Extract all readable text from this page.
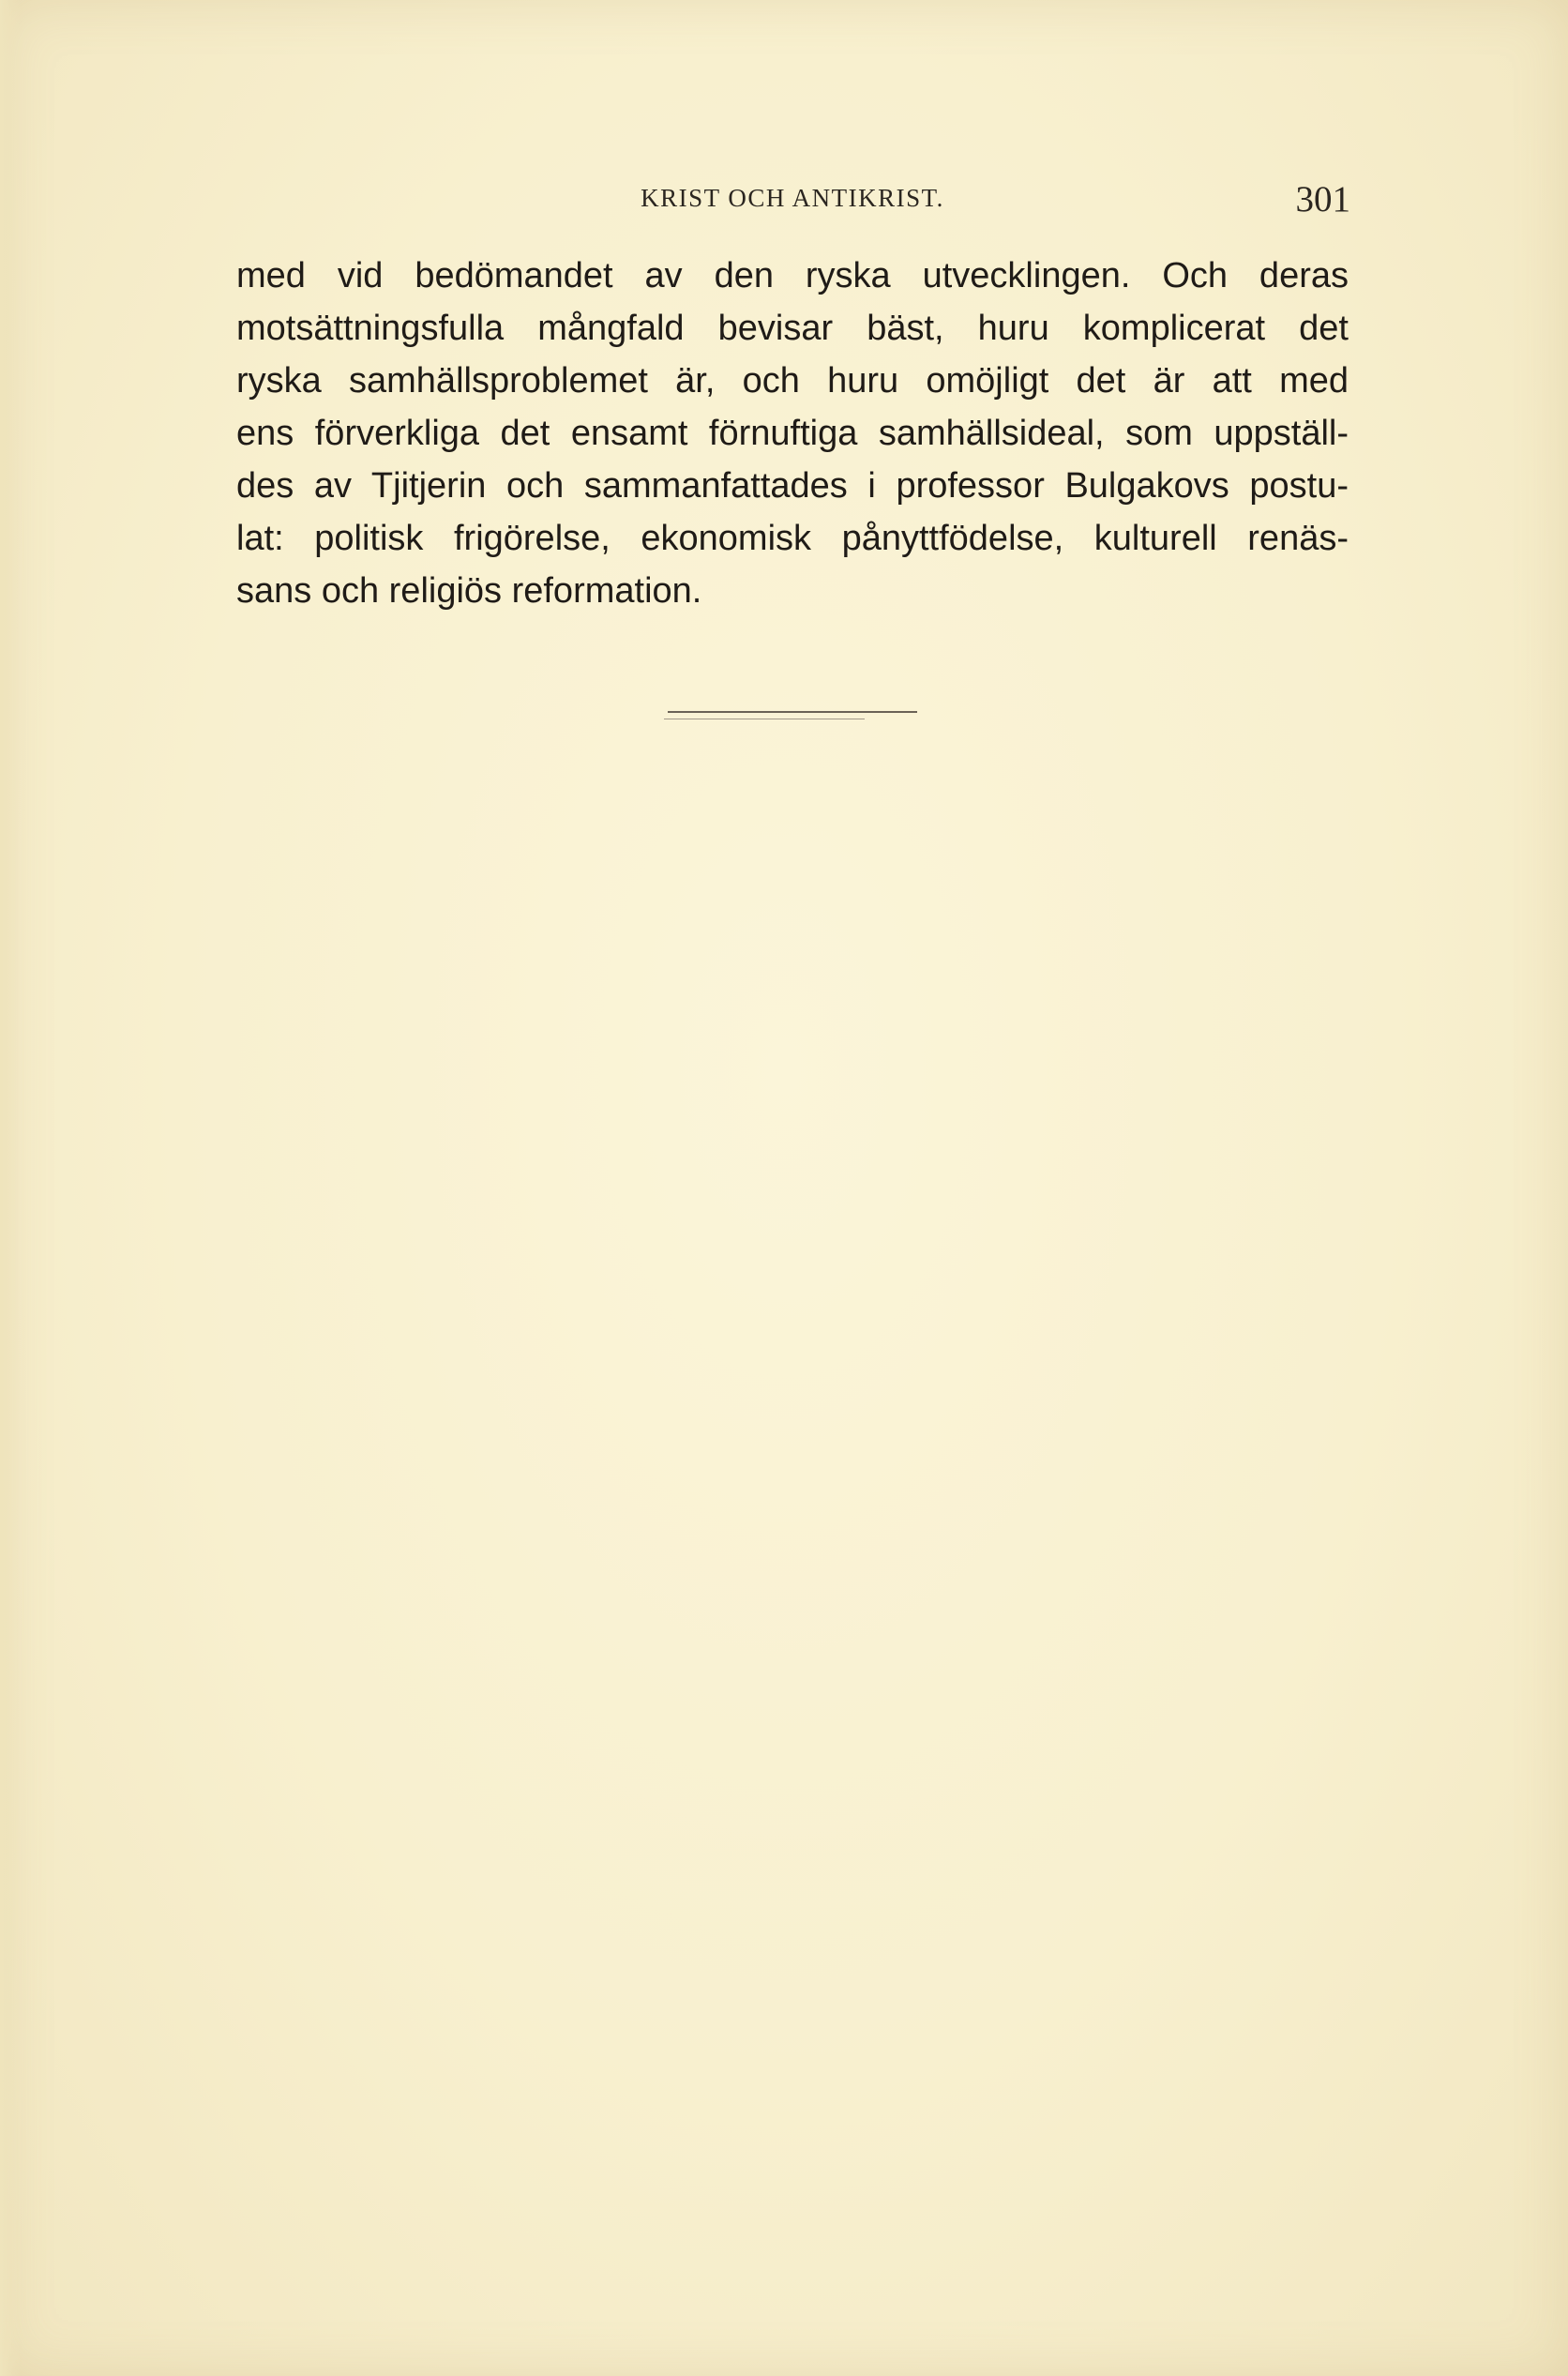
KRIST OCH ANTIKRIST.	301
med vid bedömandet av den ryska utvecklingen. Och deras
motsättningsfulla mångfald bevisar bäst, huru komplicerat det
ryska samhällsproblemet är, och huru omöjligt det är att med
ens förverkliga det ensamt förnuftiga samhällsideal, som uppställ-
des av Tjitjerin och sammanfattades i professor Bulgakovs postu-
lat: politisk frigörelse, ekonomisk pånyttfödelse, kulturell renäs-
sans och religiös reformation.
